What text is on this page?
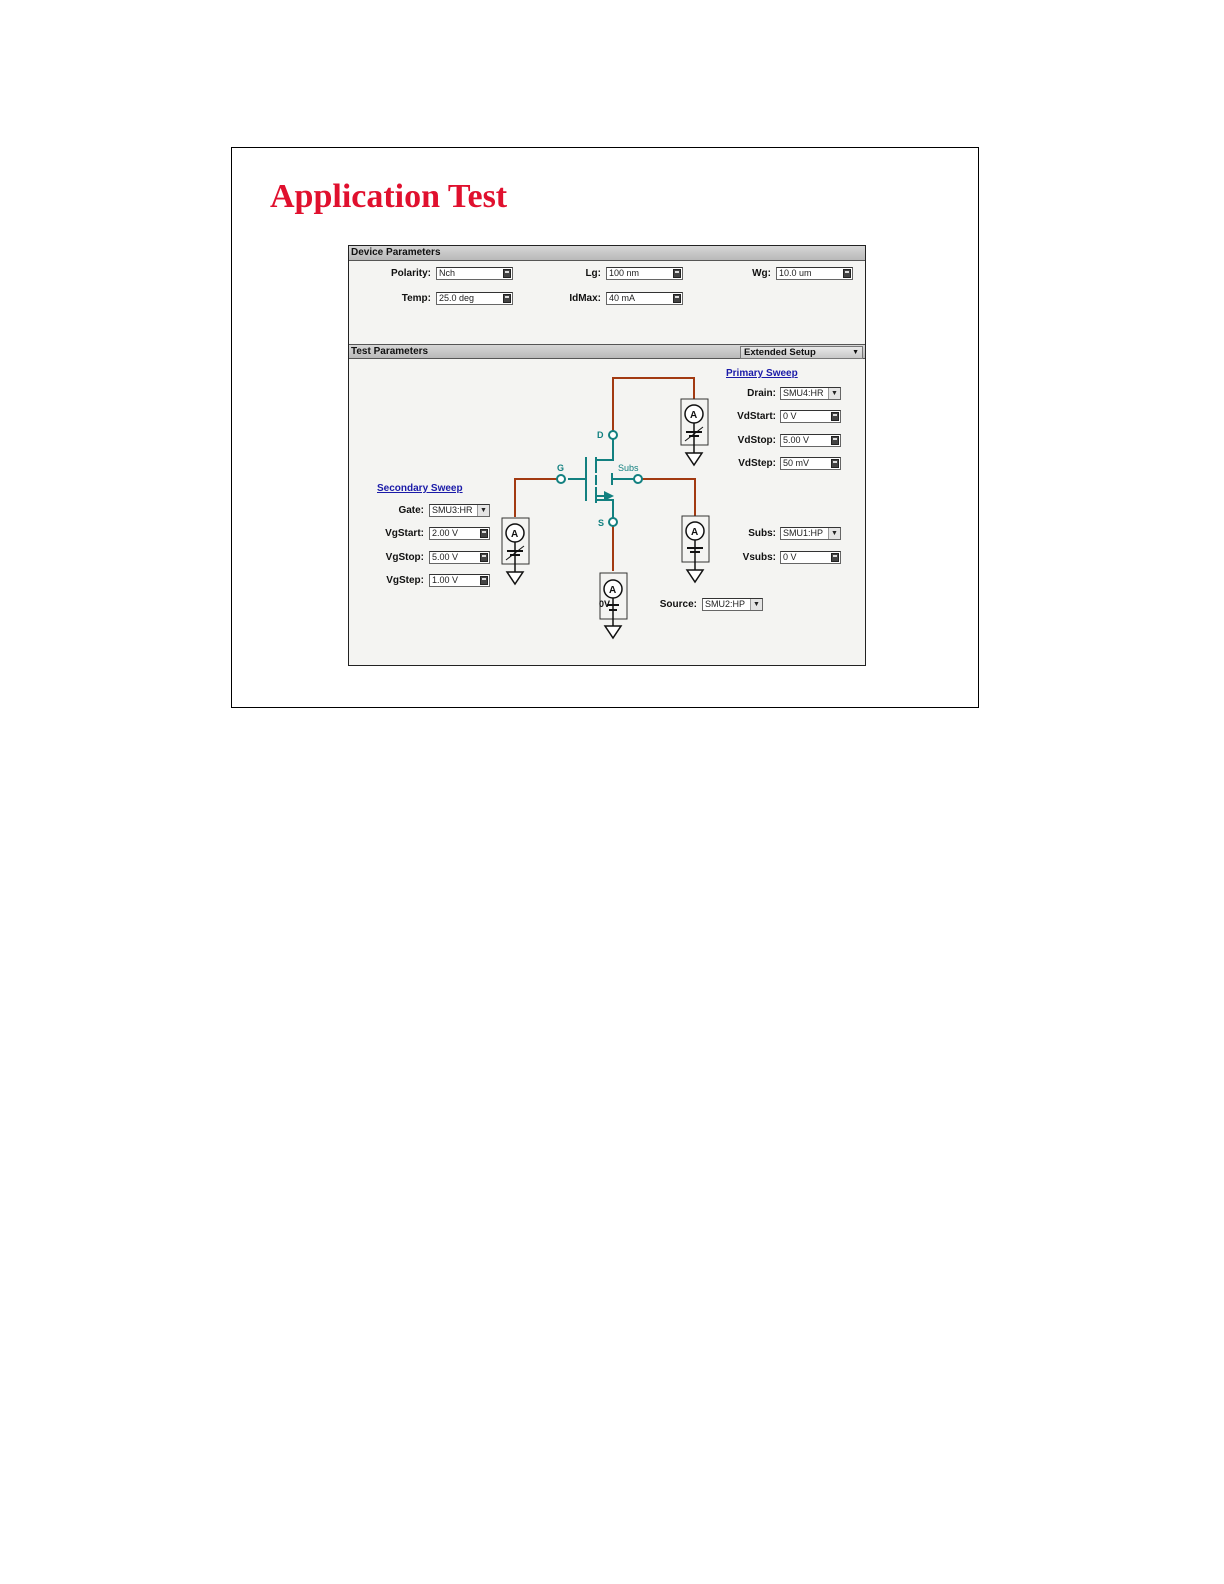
Application Test
Device Parameters
Polarity: Nch	Lg: 100 nm	Wg: 10.0 um
Temp: 25.0 deg	IdMax: 40 mA
Test Parameters	Extended Setup	▼
D
G
S
Subs
A
A	A
A
0V
Primary Sweep
Drain: SMU4:HR	▼
VdStart: 0 V
VdStop: 5.00 V
VdStep: 50 mV
Secondary Sweep
Gate: SMU3:HR	▼
VgStart: 2.00 V
VgStop: 5.00 V
VgStep: 1.00 V
Subs: SMU1:HP	▼
Vsubs: 0 V
Source: SMU2:HP	▼
